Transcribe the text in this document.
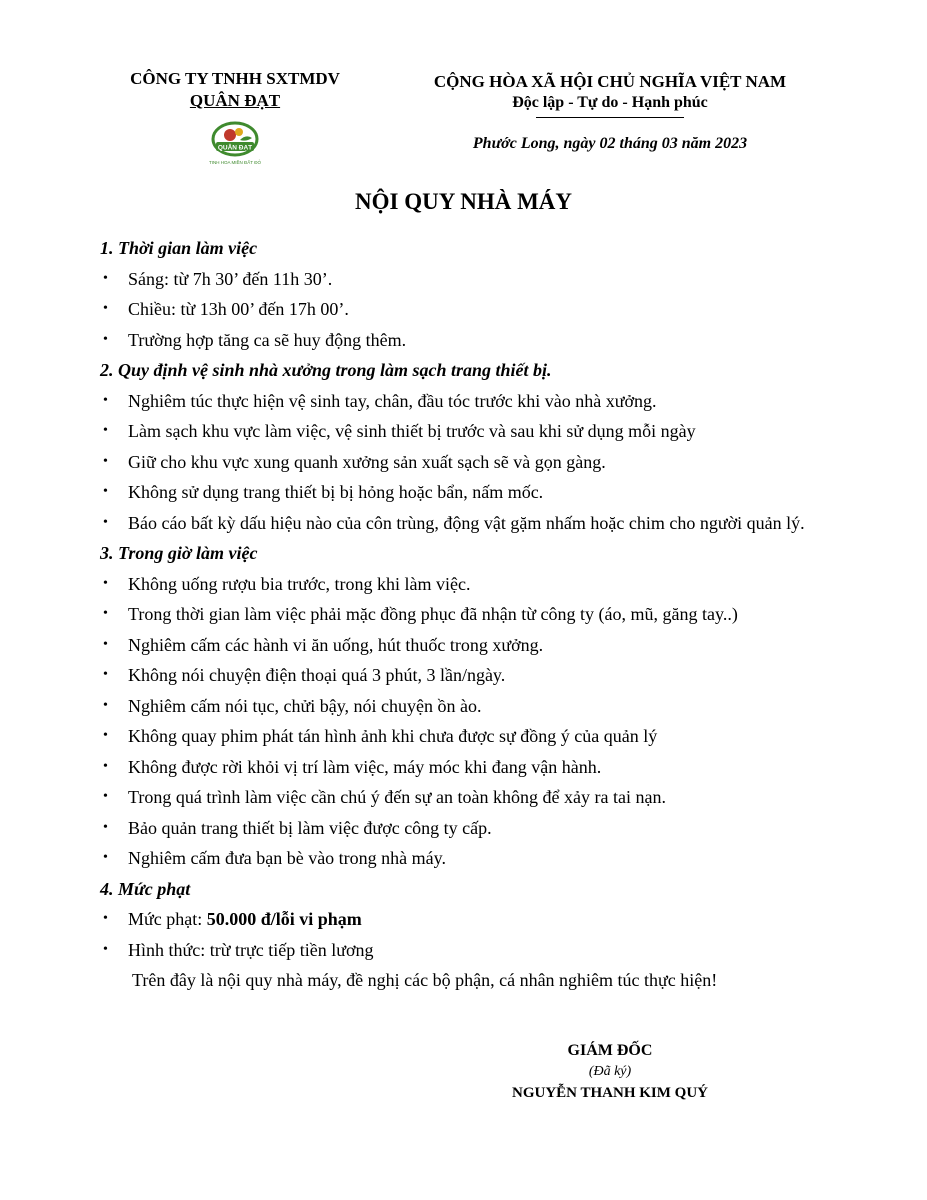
CÔNG TY TNHH SXTMDV

QUÂN ĐẠT

QUÂN ĐẠT
TINH HOA MIỀN ĐẤT ĐỎ

CỘNG HÒA XÃ HỘI CHỦ NGHĨA VIỆT NAM

Độc lập - Tự do - Hạnh phúc

Phước Long, ngày 02 tháng 03 năm 2023

NỘI QUY NHÀ MÁY

1. Thời gian làm việc

• Sáng: từ 7h 30’ đến 11h 30’.
• Chiều: từ 13h 00’ đến 17h 00’.
• Trường hợp tăng ca sẽ huy động thêm.

2. Quy định vệ sinh nhà xưởng trong làm sạch trang thiết bị.

• Nghiêm túc thực hiện vệ sinh tay, chân, đầu tóc trước khi vào nhà xưởng.
• Làm sạch khu vực làm việc, vệ sinh thiết bị trước và sau khi sử dụng mỗi ngày
• Giữ cho khu vực xung quanh xưởng sản xuất sạch sẽ và gọn gàng.
• Không sử dụng trang thiết bị bị hỏng hoặc bẩn, nấm mốc.
• Báo cáo bất kỳ dấu hiệu nào của côn trùng, động vật gặm nhấm hoặc chim cho người quản lý.

3. Trong giờ làm việc

• Không uống rượu bia trước, trong khi làm việc.
• Trong thời gian làm việc phải mặc đồng phục đã nhận từ công ty (áo, mũ, găng tay..)
• Nghiêm cấm các hành vi ăn uống, hút thuốc trong xưởng.
• Không nói chuyện điện thoại quá 3 phút, 3 lần/ngày.
• Nghiêm cấm nói tục, chửi bậy, nói chuyện ồn ào.
• Không quay phim phát tán hình ảnh khi chưa được sự đồng ý của quản lý
• Không được rời khỏi vị trí làm việc, máy móc khi đang vận hành.
• Trong quá trình làm việc cần chú ý đến sự an toàn không để xảy ra tai nạn.
• Bảo quản trang thiết bị làm việc được công ty cấp.
• Nghiêm cấm đưa bạn bè vào trong nhà máy.

4. Mức phạt

• Mức phạt: 50.000 đ/lỗi vi phạm
• Hình thức: trừ trực tiếp tiền lương

Trên đây là nội quy nhà máy, đề nghị các bộ phận, cá nhân nghiêm túc thực hiện!

GIÁM ĐỐC

(Đã ký)

NGUYỄN THANH KIM QUÝ
